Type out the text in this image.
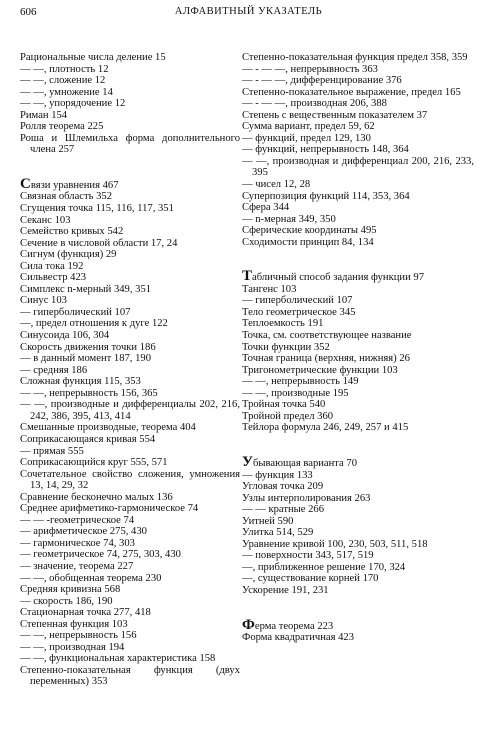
606	АЛФАВИТНЫЙ УКАЗАТЕЛЬ
Рациональные числа деление 15
— —, плотность 12
— —, сложение 12
— —, умножение 14
— —, упорядочение 12
Риман 154
Ролля теорема 225
Роша и Шлемильха формa дополнительного члена 257
Связи уравнения 467
Связная область 352
Сгущения точка 115, 116, 117, 351
Секанс 103
Семейство кривых 542
Сечение в числовой области 17, 24
Сигнум (функция) 29
Сила тока 192
Сильвестр 423
Симплекс n-мерный 349, 351
Синус 103
— гиперболический 107
—, предел отношения к дуге 122
Синусоида 106, 304
Скорость движения точки 186
— в данный момент 187, 190
— средняя 186
Сложная функция 115, 353
— —, непрерывность 156, 365
— —, производные и дифференциалы 202, 216, 242, 386, 395, 413, 414
Смешанные производные, теорема 404
Соприкасающаяся кривая 554
— прямая 555
Соприкасающийся круг 555, 571
Сочетательное свойство сложения, умножения 13, 14, 29, 32
Сравнение бесконечно малых 136
Среднее арифметико-гармоническое 74
— — -геометрическое 74
— арифметическое 275, 430
— гармоническое 74, 303
— геометрическое 74, 275, 303, 430
— значение, теорема 227
— —, обобщенная теорема 230
Средняя кривизна 568
— скорость 186, 190
Стационарная точка 277, 418
Степенная функция 103
— —, непрерывность 156
— —, производная 194
— —, функциональная характеристика 158
Степенно-показательная функция (двух переменных) 353
Степенно-показательная функция предел 358, 359
— - — —, непрерывность 363
— - — —, дифференцирование 376
Степенно-показательное выражение, предел 165
— - — —, производная 206, 388
Степень с вещественным показателем 37
Сумма вариант, предел 59, 62
— функций, предел 129, 130
— функций, непрерывность 148, 364
— —, производная и дифференциал 200, 216, 233, 395
— чисел 12, 28
Суперпозиция функций 114, 353, 364
Сфера 344
— n-мерная 349, 350
Сферические координаты 495
Сходимости принцип 84, 134
Табличный способ задания функции 97
Тангенс 103
— гиперболический 107
Тело геометрическое 345
Теплоемкость 191
Точка, см. соответствующее название
Точки функции 352
Точная граница (верхняя, нижняя) 26
Тригонометрические функции 103
— —, непрерывность 149
— —, производные 195
Тройная точка 540
Тройной предел 360
Тейлора формула 246, 249, 257 и 415
Убывающая варианта 70
— функция 133
Угловая точка 209
Узлы интерполирования 263
— — кратные 266
Уитней 590
Улитка 514, 529
Уравнение кривой 100, 230, 503, 511, 518
— поверхности 343, 517, 519
—, приближенное решение 170, 324
—, существование корней 170
Ускорение 191, 231
Ферма теорема 223
Форма квадратичная 423
